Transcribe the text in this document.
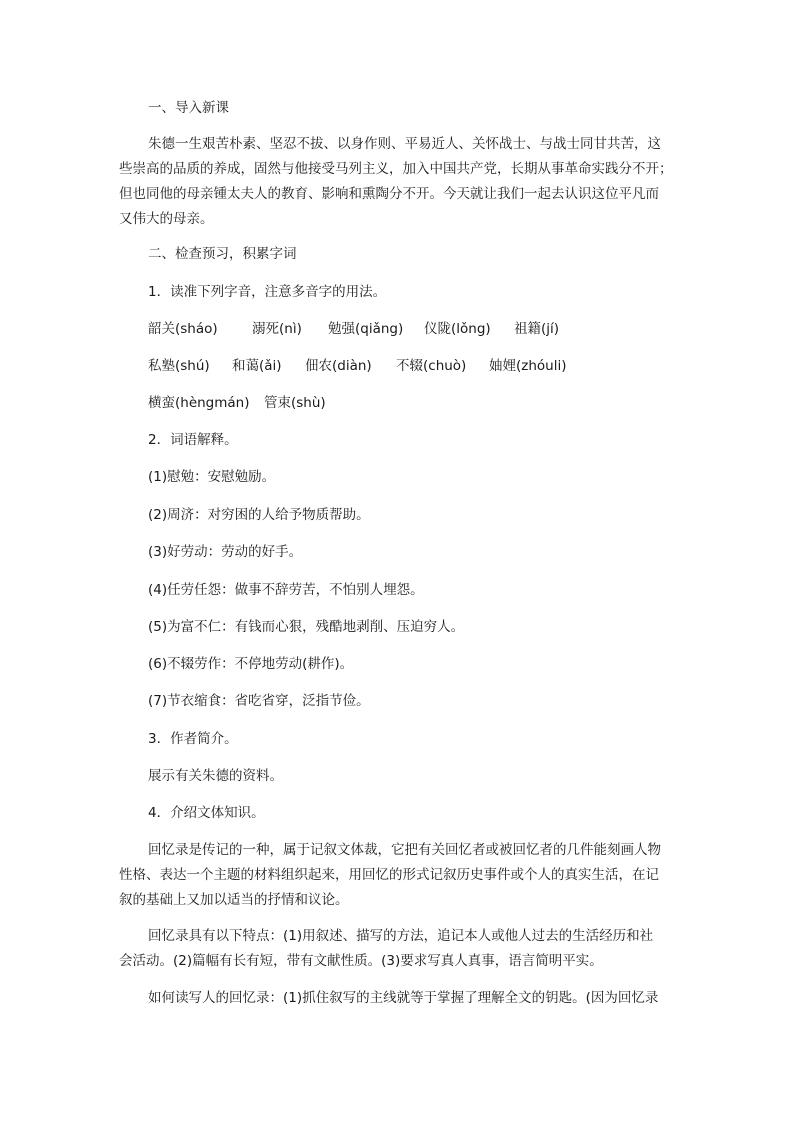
一、导入新课
朱德一生艰苦朴素、坚忍不拔、以身作则、平易近人、关怀战士、与战士同甘共苦，这
些崇高的品质的养成，固然与他接受马列主义，加入中国共产党，长期从事革命实践分不开；
但也同他的母亲锺太夫人的教育、影响和熏陶分不开。今天就让我们一起去认识这位平凡而
又伟大的母亲。
二、检查预习，积累字词
1．读准下列字音，注意多音字的用法。
韶关(sháo)	溺死(nì) 勉强(qiǎng) 仪陇(lǒng) 祖籍(jí)
私塾(shú) 和蔼(ǎi) 佃农(diàn) 不辍(chuò) 妯娌(zhóuli)
横蛮(hèngmán) 管束(shù)
2．词语解释。
(1)慰勉：安慰勉励。
(2)周济：对穷困的人给予物质帮助。
(3)好劳动：劳动的好手。
(4)任劳任怨：做事不辞劳苦，不怕别人埋怨。
(5)为富不仁：有钱而心狠，残酷地剥削、压迫穷人。
(6)不辍劳作：不停地劳动(耕作)。
(7)节衣缩食：省吃省穿，泛指节俭。
3．作者简介。
展示有关朱德的资料。
4．介绍文体知识。
回忆录是传记的一种，属于记叙文体裁，它把有关回忆者或被回忆者的几件能刻画人物
性格、表达一个主题的材料组织起来，用回忆的形式记叙历史事件或个人的真实生活，在记
叙的基础上又加以适当的抒情和议论。
回忆录具有以下特点：(1)用叙述、描写的方法，追记本人或他人过去的生活经历和社
会活动。(2)篇幅有长有短，带有文献性质。(3)要求写真人真事，语言简明平实。
如何读写人的回忆录：(1)抓住叙写的主线就等于掌握了理解全文的钥匙。(因为回忆录
